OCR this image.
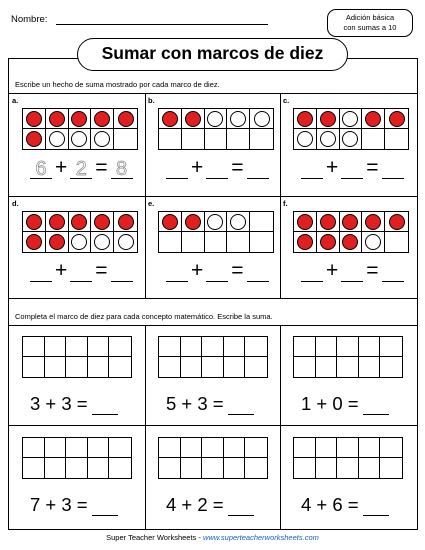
Nombre:	Adición básica
con sumas a 10
Sumar con marcos de diez
Escribe un hecho de suma mostrado por cada marco de diez.
a.
6 + 2 = 8
b.
+ =
c.
+ =
d.
+ =
e.
+ =
f.
+ =
Completa el marco de diez para cada concepto matemático. Escribe la suma.
3 + 3 =	5 + 3 =	1 + 0 =
7 + 3 =	4 + 2 =	4 + 6 =
Super Teacher Worksheets - www.superteacherworksheets.com
